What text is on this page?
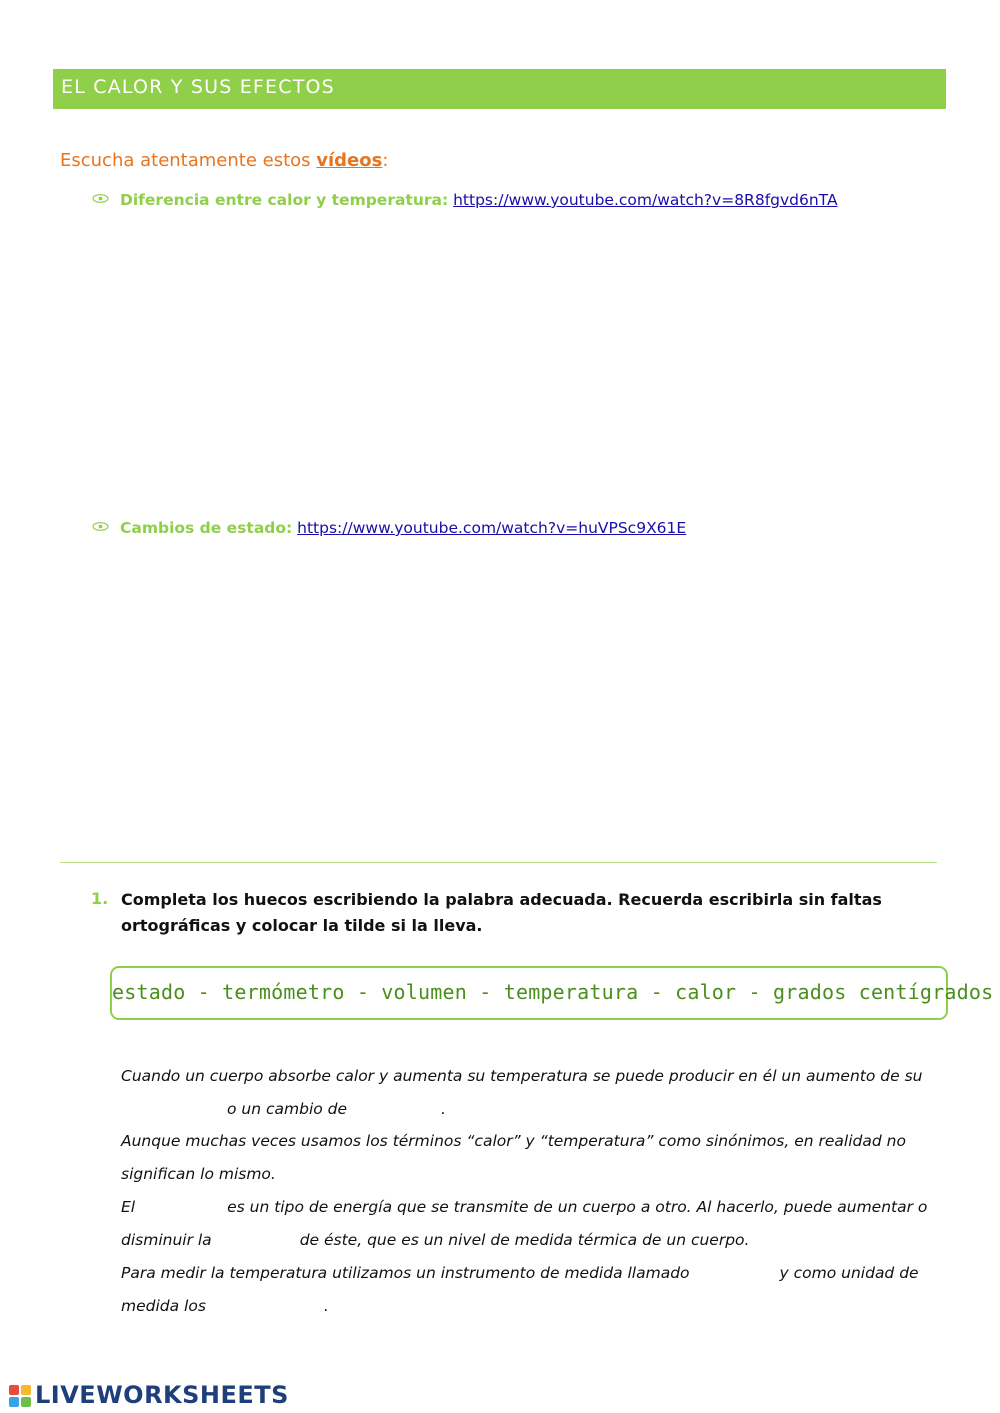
EL CALOR Y SUS EFECTOS
Escucha atentamente estos vídeos:
Diferencia entre calor y temperatura: https://www.youtube.com/watch?v=8R8fgvd6nTA
Cambios de estado: https://www.youtube.com/watch?v=huVPSc9X61E
1. Completa los huecos escribiendo la palabra adecuada. Recuerda escribirla sin faltas ortográficas y colocar la tilde si la lleva.
estado - termómetro - volumen - temperatura - calor - grados centígrados
Cuando un cuerpo absorbe calor y aumenta su temperatura se puede producir en él un aumento de su
o un cambio de	.
Aunque muchas veces usamos los términos “calor” y “temperatura” como sinónimos, en realidad no
significan lo mismo.
El	es un tipo de energía que se transmite de un cuerpo a otro. Al hacerlo, puede aumentar o
disminuir la	de éste, que es un nivel de medida térmica de un cuerpo.
Para medir la temperatura utilizamos un instrumento de medida llamado	y como unidad de
medida los	.
LIVEWORKSHEETS
